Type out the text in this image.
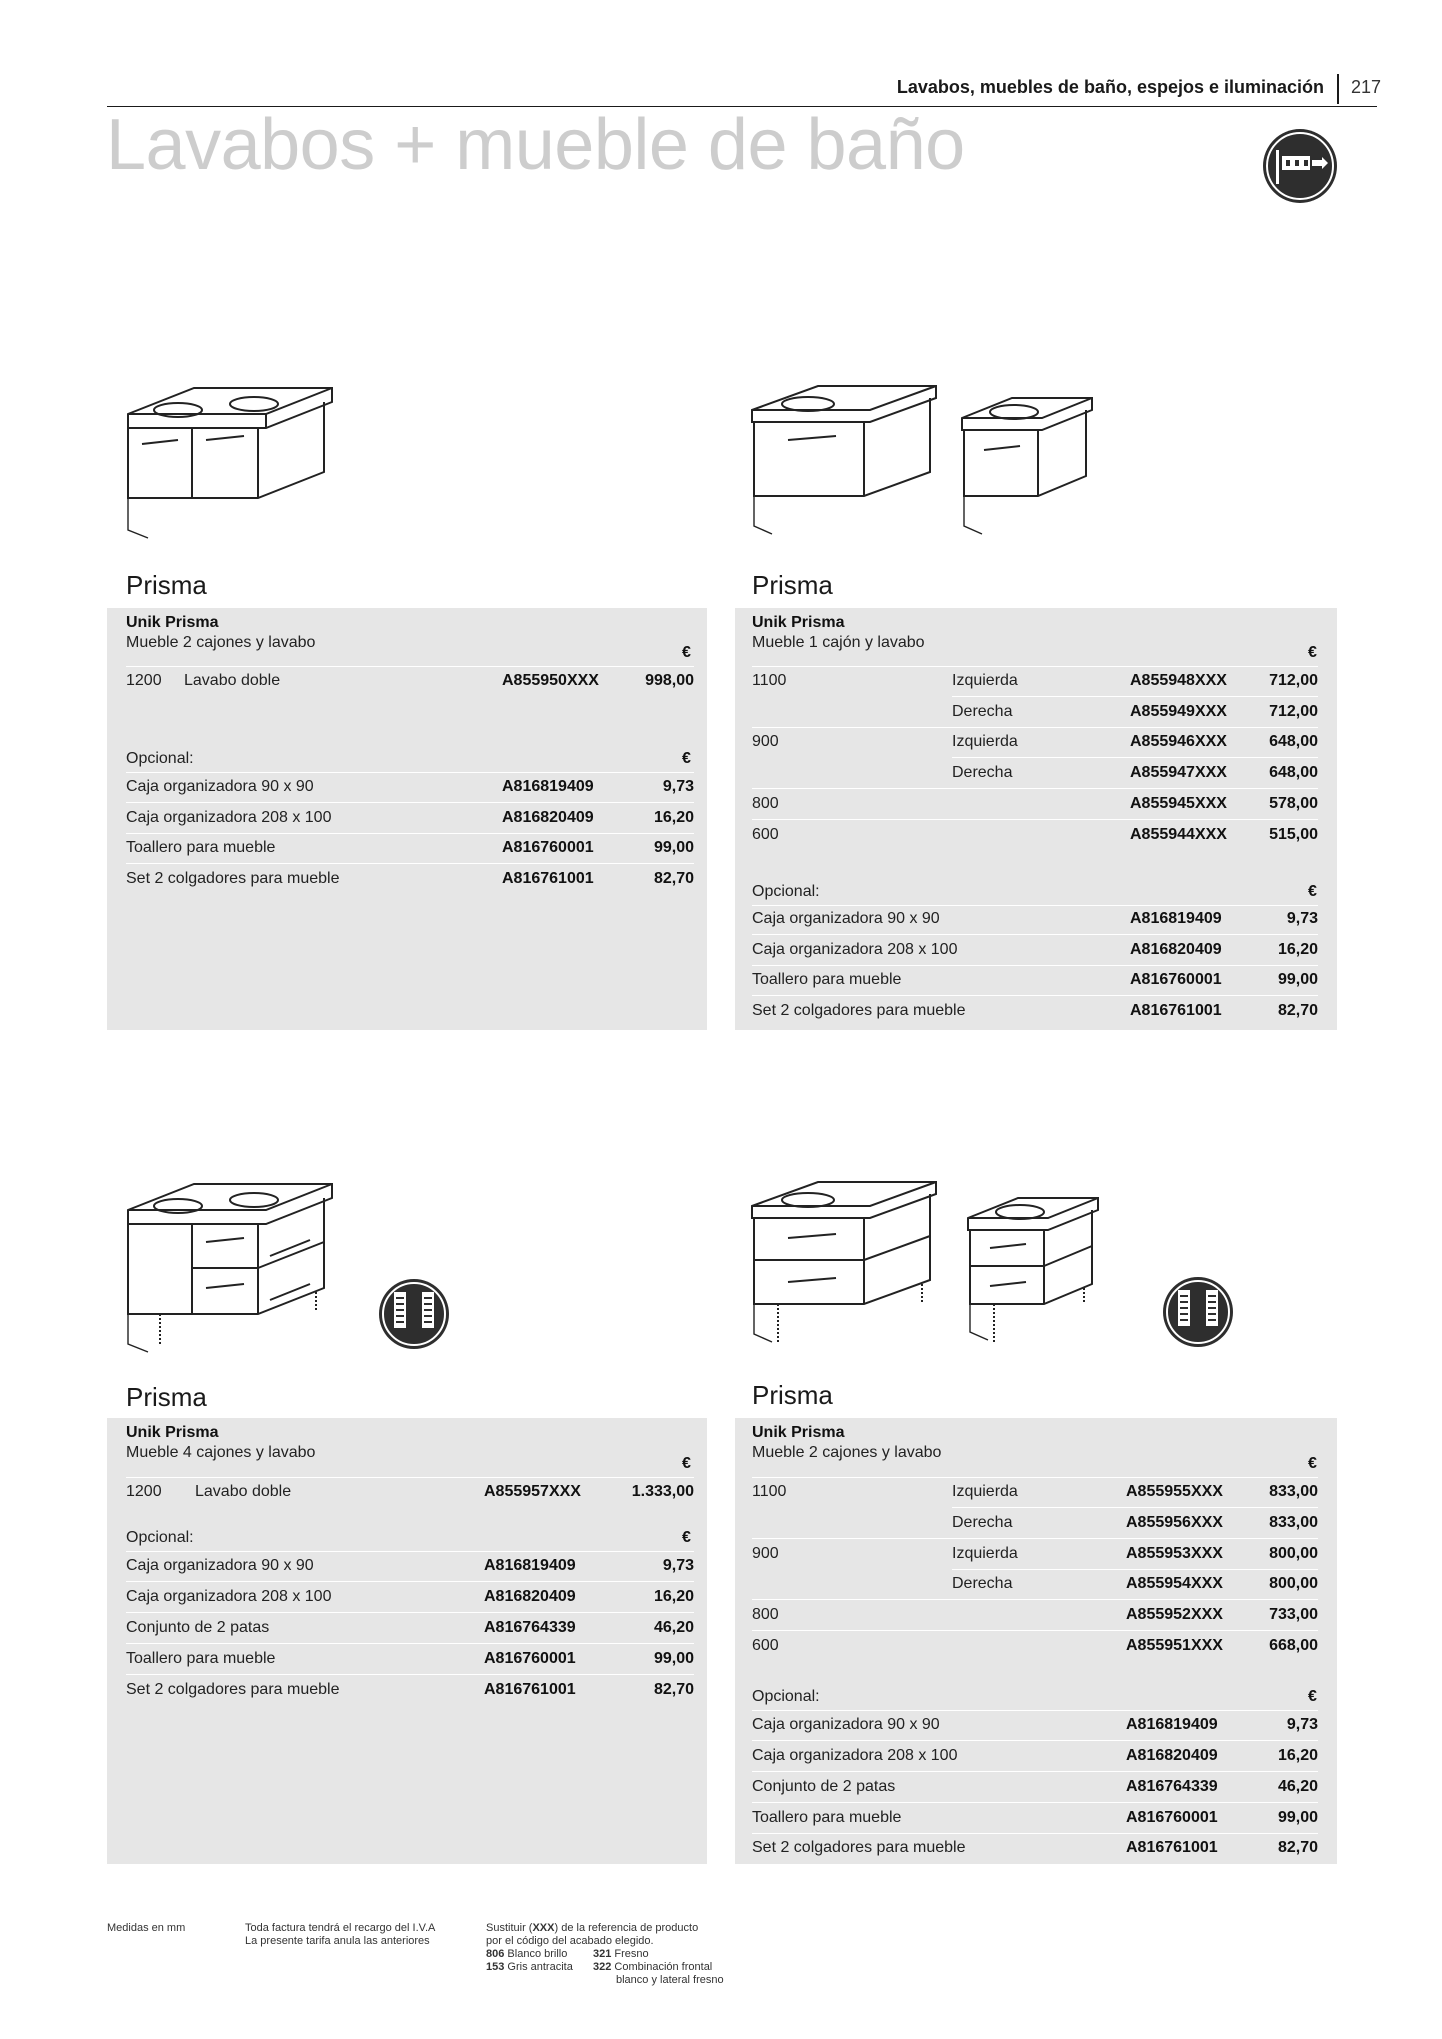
Lavabos, muebles de baño, espejos e iluminación 217
Lavabos + mueble de baño
Prisma	Prisma
Prisma	Prisma
Unik Prisma
Mueble 2 cajones y lavabo
€
1200 Lavabo doble	A855950XXX	998,00
Opcional:	€
Caja organizadora 90 x 90	A816819409	9,73
Caja organizadora 208 x 100	A816820409	16,20
Toallero para mueble	A816760001	99,00
Set 2 colgadores para mueble	A816761001	82,70
Unik Prisma
Mueble 1 cajón y lavabo
€
1100	Izquierda	A855948XXX	712,00
Derecha	A855949XXX	712,00
900	Izquierda	A855946XXX	648,00
Derecha	A855947XXX	648,00
800	A855945XXX	578,00
600	A855944XXX	515,00
Opcional:	€
Caja organizadora 90 x 90	A816819409	9,73
Caja organizadora 208 x 100	A816820409	16,20
Toallero para mueble	A816760001	99,00
Set 2 colgadores para mueble	A816761001	82,70
Unik Prisma
Mueble 4 cajones y lavabo
€
1200 Lavabo doble	A855957XXX	1.333,00
Opcional:	€
Caja organizadora 90 x 90	A816819409	9,73
Caja organizadora 208 x 100	A816820409	16,20
Conjunto de 2 patas	A816764339	46,20
Toallero para mueble	A816760001	99,00
Set 2 colgadores para mueble	A816761001	82,70
Unik Prisma
Mueble 2 cajones y lavabo
€
1100	Izquierda	A855955XXX	833,00
Derecha	A855956XXX	833,00
900	Izquierda	A855953XXX	800,00
Derecha	A855954XXX	800,00
800	A855952XXX	733,00
600	A855951XXX	668,00
Opcional:	€
Caja organizadora 90 x 90	A816819409	9,73
Caja organizadora 208 x 100	A816820409	16,20
Conjunto de 2 patas	A816764339	46,20
Toallero para mueble	A816760001	99,00
Set 2 colgadores para mueble	A816761001	82,70
Medidas en mm	Toda factura tendrá el recargo del I.V.A
La presente tarifa anula las anteriores
Sustituir (XXX) de la referencia de producto
por el código del acabado elegido.
806 Blanco brillo 321 Fresno
153 Gris antracita 322 Combinación frontal
blanco y lateral fresno
